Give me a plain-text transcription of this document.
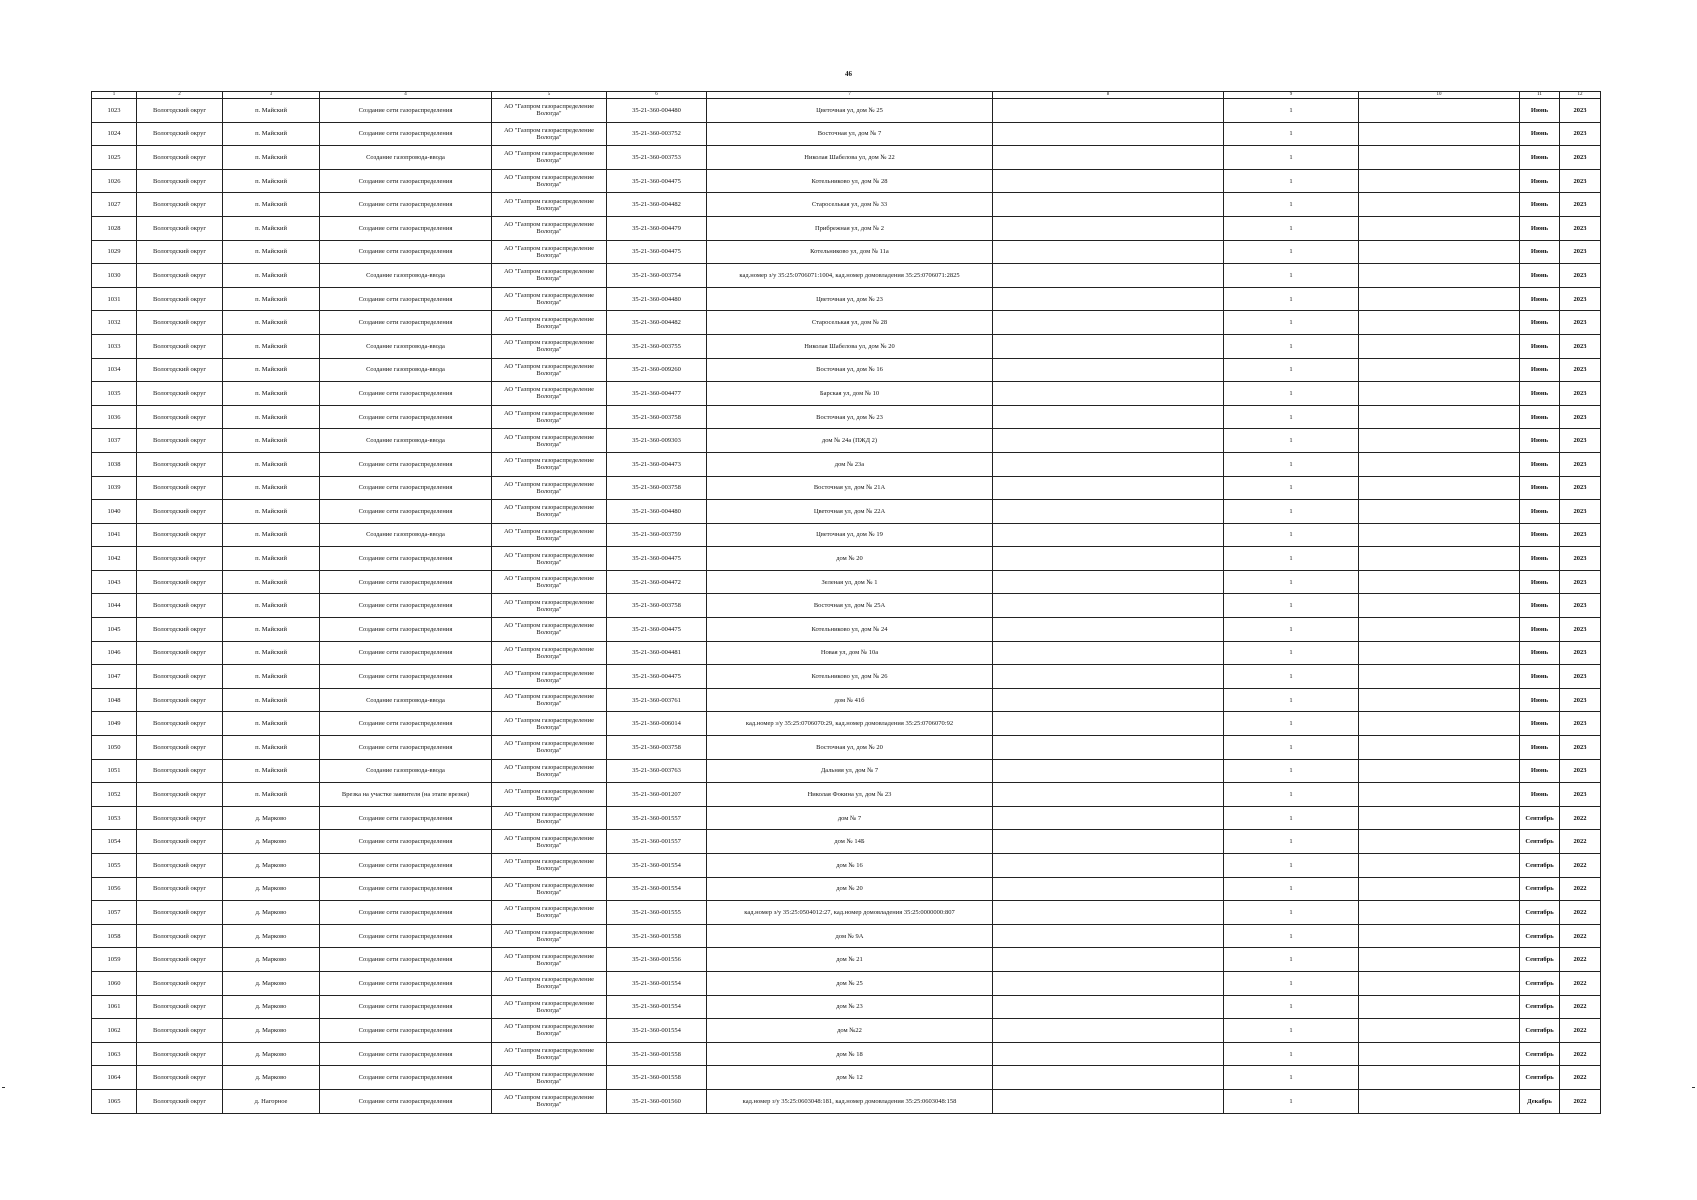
46
1	2	3	4	5	6	7	8	9	10	11	12
1023	Вологодский округ	п. Майский	Создание сети газораспределения	АО "Газпром газораспределение Вологда"	35-21-360-004480	Цветочная ул, дом № 25		1		Июнь	2023
1024	Вологодский округ	п. Майский	Создание сети газораспределения	АО "Газпром газораспределение Вологда"	35-21-360-003752	Восточная ул, дом № 7		1		Июнь	2023
1025	Вологодский округ	п. Майский	Создание газопровода-ввода	АО "Газпром газораспределение Вологда"	35-21-360-003753	Николая Шабелова ул, дом № 22		1		Июнь	2023
1026	Вологодский округ	п. Майский	Создание сети газораспределения	АО "Газпром газораспределение Вологда"	35-21-360-004475	Котельниково ул, дом № 28		1		Июнь	2023
1027	Вологодский округ	п. Майский	Создание сети газораспределения	АО "Газпром газораспределение Вологда"	35-21-360-004482	Староселькая ул, дом № 33		1		Июнь	2023
1028	Вологодский округ	п. Майский	Создание сети газораспределения	АО "Газпром газораспределение Вологда"	35-21-360-004479	Прибрежная ул, дом № 2		1		Июнь	2023
1029	Вологодский округ	п. Майский	Создание сети газораспределения	АО "Газпром газораспределение Вологда"	35-21-360-004475	Котельниково ул, дом № 11а		1		Июнь	2023
1030	Вологодский округ	п. Майский	Создание газопровода-ввода	АО "Газпром газораспределение Вологда"	35-21-360-003754	кад.номер з/у 35:25:0706071:1004, кад.номер домовладения 35:25:0706071:2825		1		Июнь	2023
1031	Вологодский округ	п. Майский	Создание сети газораспределения	АО "Газпром газораспределение Вологда"	35-21-360-004480	Цветочная ул, дом № 23		1		Июнь	2023
1032	Вологодский округ	п. Майский	Создание сети газораспределения	АО "Газпром газораспределение Вологда"	35-21-360-004482	Староселькая ул, дом № 28		1		Июнь	2023
1033	Вологодский округ	п. Майский	Создание газопровода-ввода	АО "Газпром газораспределение Вологда"	35-21-360-003755	Николая Шабелова ул, дом № 20		1		Июнь	2023
1034	Вологодский округ	п. Майский	Создание газопровода-ввода	АО "Газпром газораспределение Вологда"	35-21-360-009260	Восточная ул, дом № 16		1		Июнь	2023
1035	Вологодский округ	п. Майский	Создание сети газораспределения	АО "Газпром газораспределение Вологда"	35-21-360-004477	Барская ул, дом № 10		1		Июнь	2023
1036	Вологодский округ	п. Майский	Создание сети газораспределения	АО "Газпром газораспределение Вологда"	35-21-360-003758	Восточная ул, дом № 23		1		Июнь	2023
1037	Вологодский округ	п. Майский	Создание газопровода-ввода	АО "Газпром газораспределение Вологда"	35-21-360-009303	дом № 24а (ПЖД 2)		1		Июнь	2023
1038	Вологодский округ	п. Майский	Создание сети газораспределения	АО "Газпром газораспределение Вологда"	35-21-360-004473	дом № 23а		1		Июнь	2023
1039	Вологодский округ	п. Майский	Создание сети газораспределения	АО "Газпром газораспределение Вологда"	35-21-360-003758	Восточная ул, дом № 21А		1		Июнь	2023
1040	Вологодский округ	п. Майский	Создание сети газораспределения	АО "Газпром газораспределение Вологда"	35-21-360-004480	Цветочная ул, дом № 22А		1		Июнь	2023
1041	Вологодский округ	п. Майский	Создание газопровода-ввода	АО "Газпром газораспределение Вологда"	35-21-360-003759	Цветочная ул, дом № 19		1		Июнь	2023
1042	Вологодский округ	п. Майский	Создание сети газораспределения	АО "Газпром газораспределение Вологда"	35-21-360-004475	дом № 20		1		Июнь	2023
1043	Вологодский округ	п. Майский	Создание сети газораспределения	АО "Газпром газораспределение Вологда"	35-21-360-004472	Зеленая ул, дом № 1		1		Июнь	2023
1044	Вологодский округ	п. Майский	Создание сети газораспределения	АО "Газпром газораспределение Вологда"	35-21-360-003758	Восточная ул, дом № 25А		1		Июнь	2023
1045	Вологодский округ	п. Майский	Создание сети газораспределения	АО "Газпром газораспределение Вологда"	35-21-360-004475	Котельниково ул, дом № 24		1		Июнь	2023
1046	Вологодский округ	п. Майский	Создание сети газораспределения	АО "Газпром газораспределение Вологда"	35-21-360-004481	Новая ул, дом № 10а		1		Июнь	2023
1047	Вологодский округ	п. Майский	Создание сети газораспределения	АО "Газпром газораспределение Вологда"	35-21-360-004475	Котельниково ул, дом № 26		1		Июнь	2023
1048	Вологодский округ	п. Майский	Создание газопровода-ввода	АО "Газпром газораспределение Вологда"	35-21-360-003761	дом № 41б		1		Июнь	2023
1049	Вологодский округ	п. Майский	Создание сети газораспределения	АО "Газпром газораспределение Вологда"	35-21-360-006014	кад.номер з/у 35:25:0706070:29, кад.номер домовладения 35:25:0706070:92		1		Июнь	2023
1050	Вологодский округ	п. Майский	Создание сети газораспределения	АО "Газпром газораспределение Вологда"	35-21-360-003758	Восточная ул, дом № 20		1		Июнь	2023
1051	Вологодский округ	п. Майский	Создание газопровода-ввода	АО "Газпром газораспределение Вологда"	35-21-360-003763	Дальняя ул, дом № 7		1		Июнь	2023
1052	Вологодский округ	п. Майский	Врезка на участке заявителя (на этапе врезки)	АО "Газпром газораспределение Вологда"	35-21-360-001207	Николая Фокина ул, дом № 23		1		Июнь	2023
1053	Вологодский округ	д. Марково	Создание сети газораспределения	АО "Газпром газораспределение Вологда"	35-21-360-001557	дом № 7		1		Сентябрь	2022
1054	Вологодский округ	д. Марково	Создание сети газораспределения	АО "Газпром газораспределение Вологда"	35-21-360-001557	дом № 14Б		1		Сентябрь	2022
1055	Вологодский округ	д. Марково	Создание сети газораспределения	АО "Газпром газораспределение Вологда"	35-21-360-001554	дом № 16		1		Сентябрь	2022
1056	Вологодский округ	д. Марково	Создание сети газораспределения	АО "Газпром газораспределение Вологда"	35-21-360-001554	дом № 20		1		Сентябрь	2022
1057	Вологодский округ	д. Марково	Создание сети газораспределения	АО "Газпром газораспределение Вологда"	35-21-360-001555	кад.номер з/у 35:25:0504012:27, кад.номер домовладения 35:25:0000000:807		1		Сентябрь	2022
1058	Вологодский округ	д. Марково	Создание сети газораспределения	АО "Газпром газораспределение Вологда"	35-21-360-001558	дом № 9А		1		Сентябрь	2022
1059	Вологодский округ	д. Марково	Создание сети газораспределения	АО "Газпром газораспределение Вологда"	35-21-360-001556	дом № 21		1		Сентябрь	2022
1060	Вологодский округ	д. Марково	Создание сети газораспределения	АО "Газпром газораспределение Вологда"	35-21-360-001554	дом № 25		1		Сентябрь	2022
1061	Вологодский округ	д. Марково	Создание сети газораспределения	АО "Газпром газораспределение Вологда"	35-21-360-001554	дом № 23		1		Сентябрь	2022
1062	Вологодский округ	д. Марково	Создание сети газораспределения	АО "Газпром газораспределение Вологда"	35-21-360-001554	дом №22		1		Сентябрь	2022
1063	Вологодский округ	д. Марково	Создание сети газораспределения	АО "Газпром газораспределение Вологда"	35-21-360-001558	дом № 18		1		Сентябрь	2022
1064	Вологодский округ	д. Марково	Создание сети газораспределения	АО "Газпром газораспределение Вологда"	35-21-360-001558	дом № 12		1		Сентябрь	2022
1065	Вологодский округ	д. Нагорное	Создание сети газораспределения	АО "Газпром газораспределение Вологда"	35-21-360-001560	кад.номер з/у 35:25:0603048:181, кад.номер домовладения 35:25:0603048:158		1		Декабрь	2022
